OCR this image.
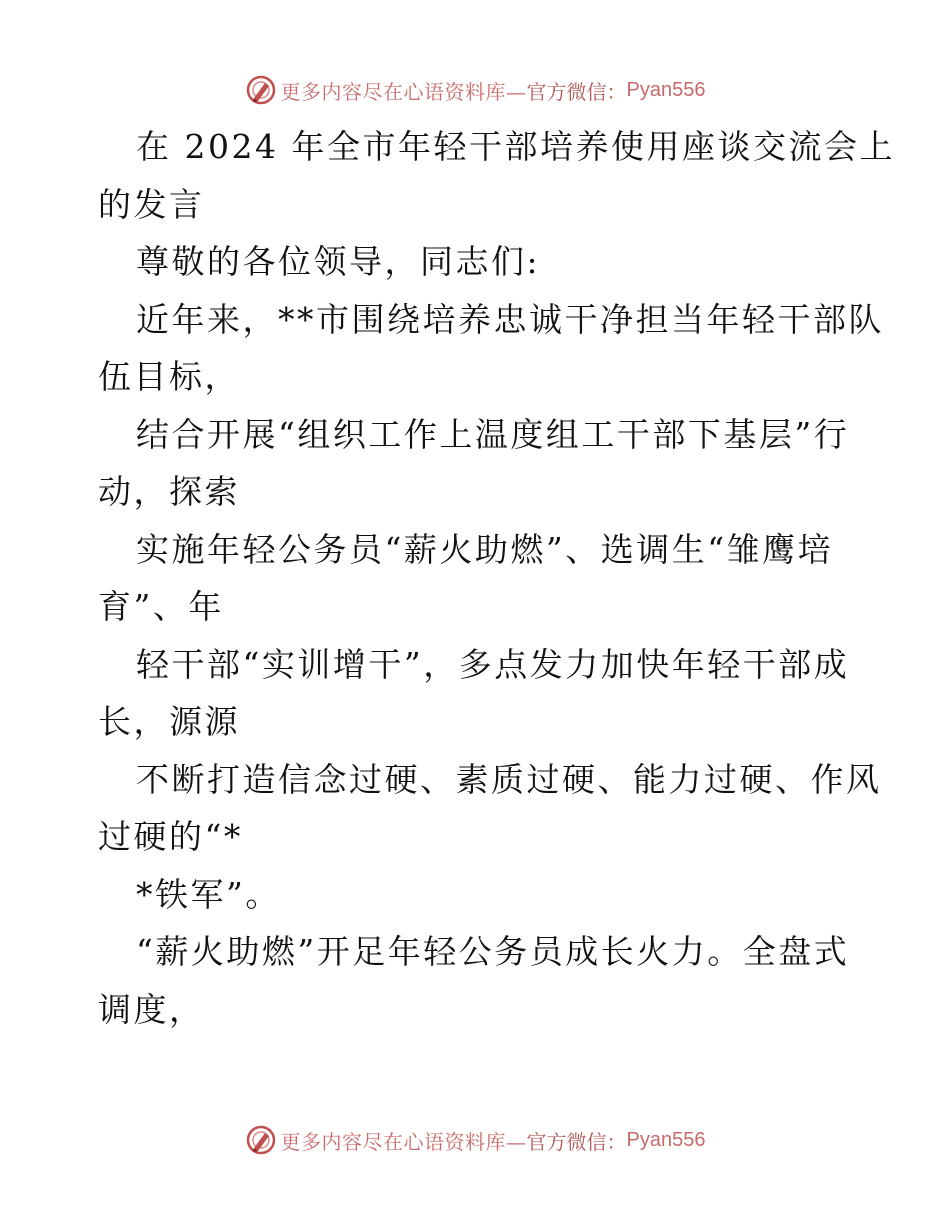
更多内容尽在心语资料库— 官方微信： Pyan556
在 2024 年全市年轻干部培养使用座谈交流会上
的发言
尊敬的各位领导，同志们:
近年来，**市围绕培养忠诚干净担当年轻干部队
伍目标，
结合开展“组织工作上温度组工干部下基层”行
动，探索
实施年轻公务员“薪火助燃”、选调生“雏鹰培
育”、年
轻干部“实训增干”，多点发力加快年轻干部成
长，源源
不断打造信念过硬、素质过硬、能力过硬、作风
过硬的“*
*铁军”。
“薪火助燃”开足年轻公务员成长火力。全盘式
调度，
更多内容尽在心语资料库— 官方微信： Pyan556
